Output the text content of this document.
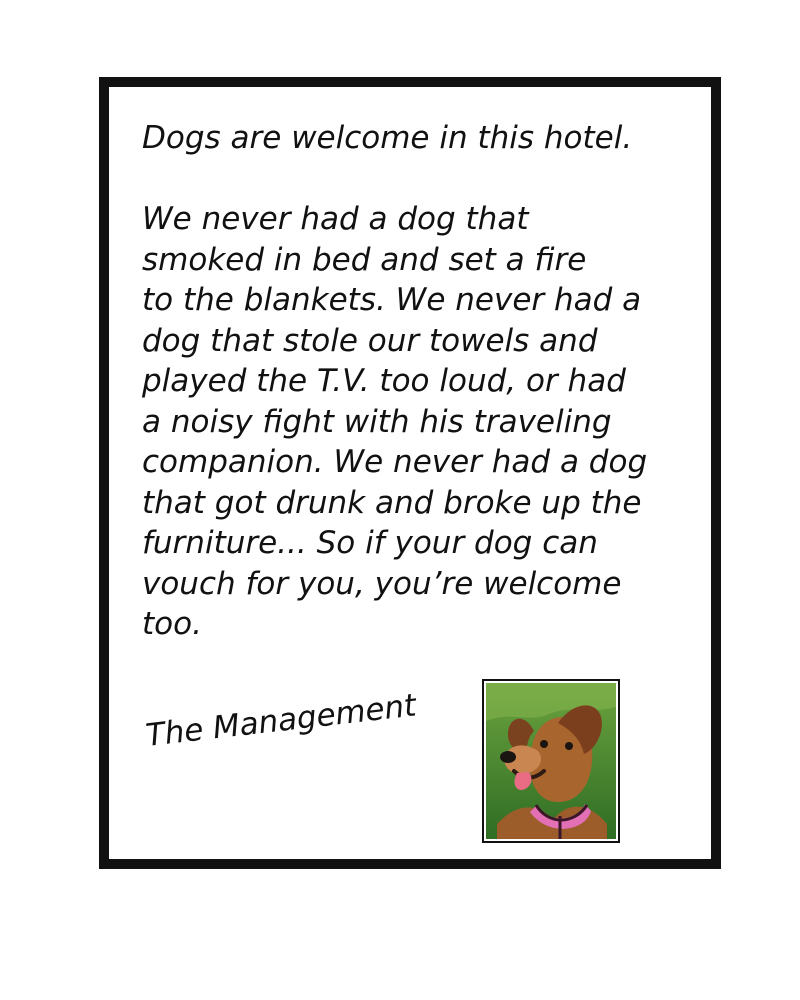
Dogs are welcome in this hotel.

We never had a dog that
smoked in bed and set a fire
to the blankets. We never had a
dog that stole our towels and
played the T.V. too loud, or had
a noisy fight with his traveling
companion. We never had a dog
that got drunk and broke up the
furniture... So if your dog can
vouch for you, you’re welcome
too.

The Management
